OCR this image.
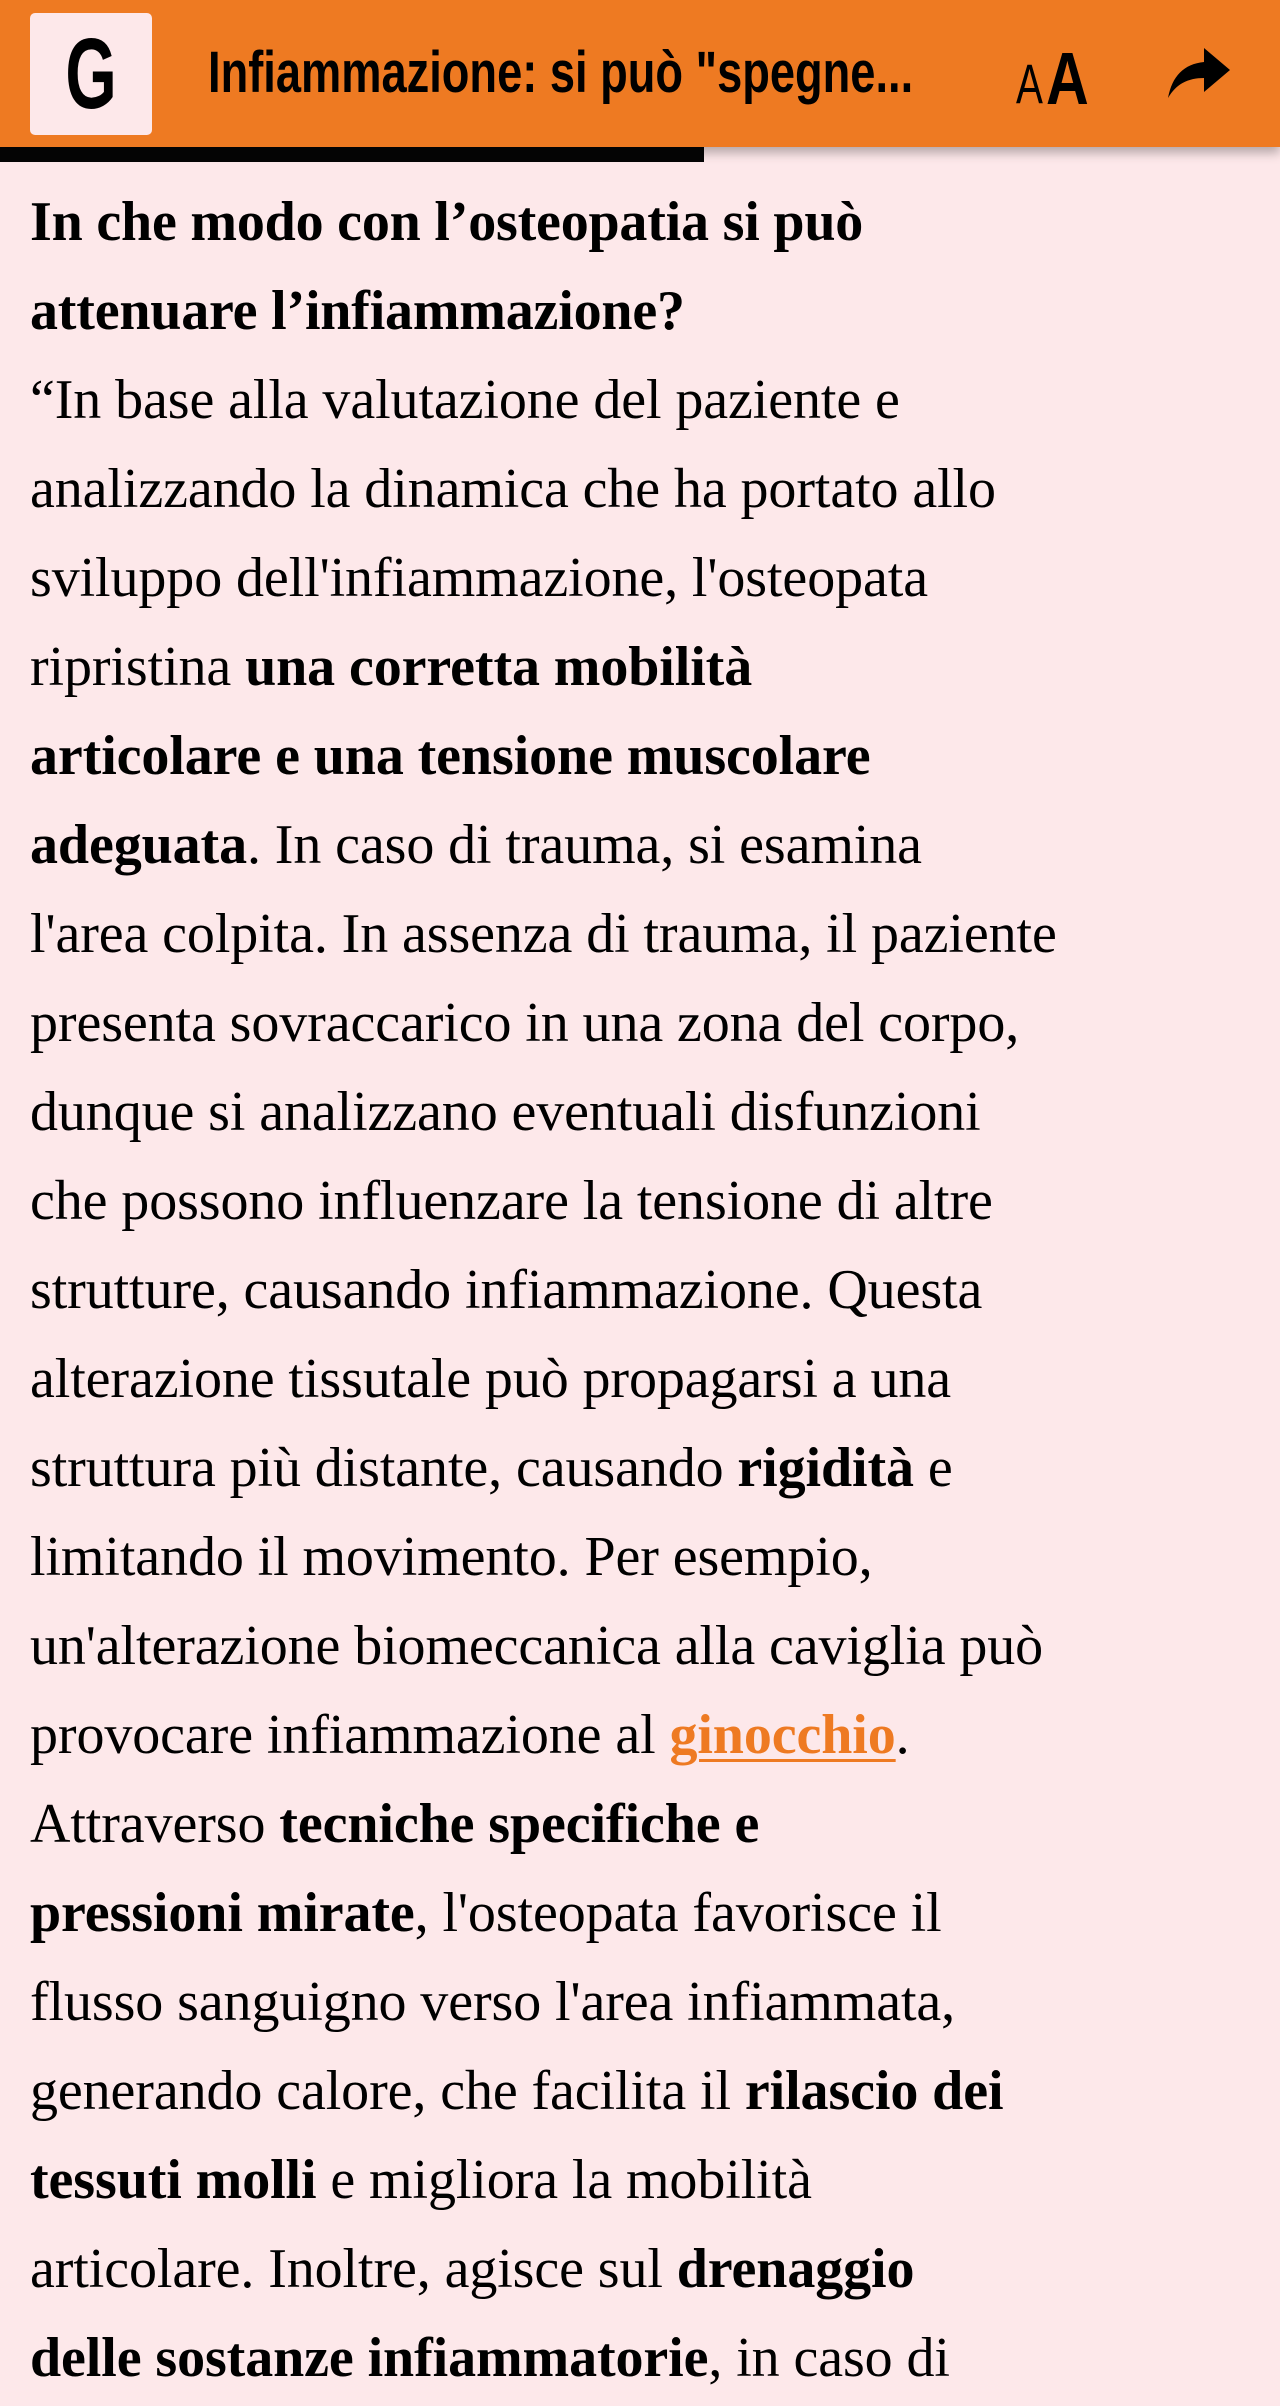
G Infiammazione: si può "spegne... A A
In che modo con l’osteopatia si può
attenuare l’infiammazione?

“In base alla valutazione del paziente e
analizzando la dinamica che ha portato allo
sviluppo dell'infiammazione, l'osteopata
ripristina una corretta mobilità
articolare e una tensione muscolare
adeguata. In caso di trauma, si esamina
l'area colpita. In assenza di trauma, il paziente
presenta sovraccarico in una zona del corpo,
dunque si analizzano eventuali disfunzioni
che possono influenzare la tensione di altre
strutture, causando infiammazione. Questa
alterazione tissutale può propagarsi a una
struttura più distante, causando rigidità e
limitando il movimento. Per esempio,
un'alterazione biomeccanica alla caviglia può
provocare infiammazione al ginocchio.
Attraverso tecniche specifiche e
pressioni mirate, l'osteopata favorisce il
flusso sanguigno verso l'area infiammata,
generando calore, che facilita il rilascio dei
tessuti molli e migliora la mobilità
articolare. Inoltre, agisce sul drenaggio
delle sostanze infiammatorie, in caso di
